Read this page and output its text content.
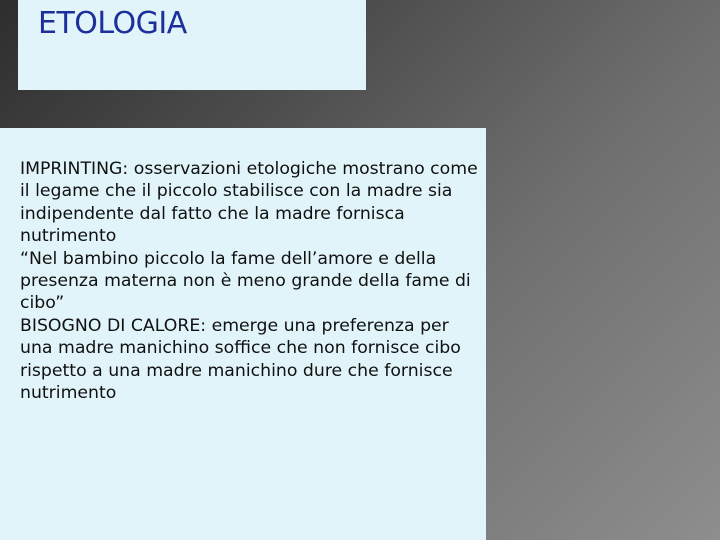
ETOLOGIA

IMPRINTING: osservazioni etologiche mostrano come il legame che il piccolo stabilisce con la madre sia indipendente dal fatto che la madre fornisca nutrimento

“Nel bambino piccolo la fame dell’amore e della presenza materna non è meno grande della fame di cibo”

BISOGNO DI CALORE: emerge una preferenza per una madre manichino soffice che non fornisce cibo rispetto a una madre manichino dure che fornisce nutrimento
